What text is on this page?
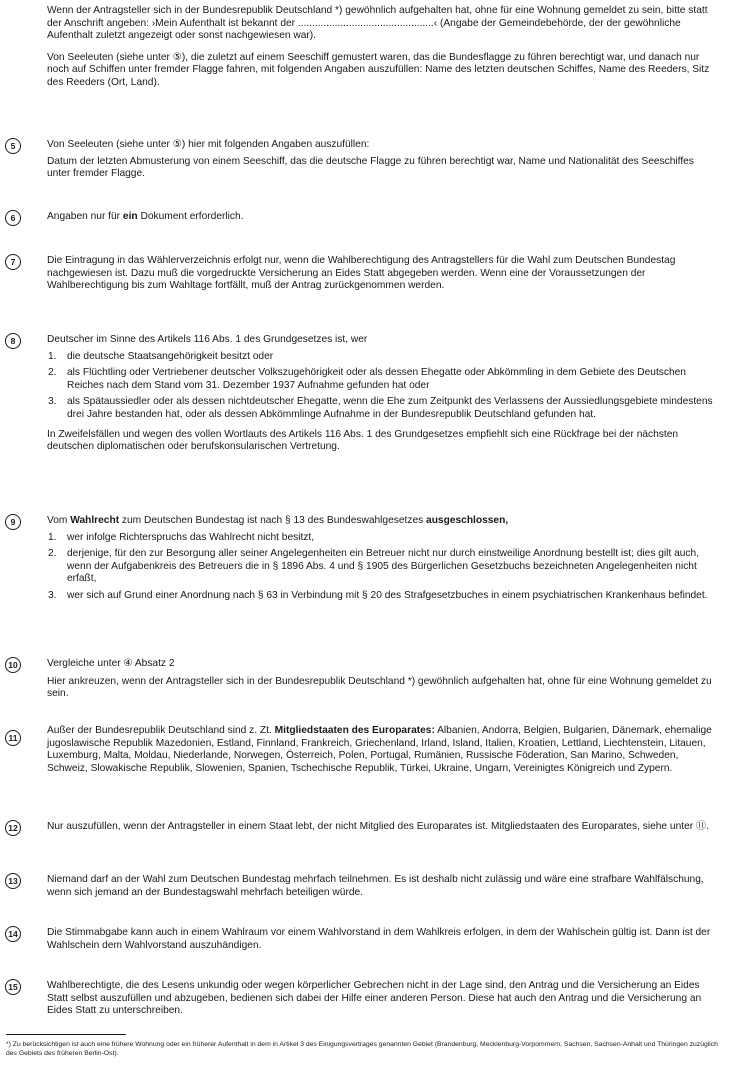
Wenn der Antragsteller sich in der Bundesrepublik Deutschland *) gewöhnlich aufgehalten hat, ohne für eine Wohnung gemeldet zu sein, bitte statt der Anschrift angeben: ›Mein Aufenthalt ist bekannt der ................................................‹ (Angabe der Gemeindebehörde, der der gewöhnliche Aufenthalt zuletzt angezeigt oder sonst nachgewiesen war).

Von Seeleuten (siehe unter ⑤), die zuletzt auf einem Seeschiff gemustert waren, das die Bundesflagge zu führen berechtigt war, und danach nur noch auf Schiffen unter fremder Flagge fahren, mit folgenden Angaben auszufüllen: Name des letzten deutschen Schiffes, Name des Reeders, Sitz des Reeders (Ort, Land).

5	Von Seeleuten (siehe unter ⑤) hier mit folgenden Angaben auszufüllen:

Datum der letzten Abmusterung von einem Seeschiff, das die deutsche Flagge zu führen berechtigt war, Name und Nationalität des Seeschiffes unter fremder Flagge.

6	Angaben nur für ein Dokument erforderlich.

7	Die Eintragung in das Wählerverzeichnis erfolgt nur, wenn die Wahlberechtigung des Antragstellers für die Wahl zum Deutschen Bundestag nachgewiesen ist. Dazu muß die vorgedruckte Versicherung an Eides Statt abgegeben werden. Wenn eine der Voraussetzungen der Wahlberechtigung bis zum Wahltage fortfällt, muß der Antrag zurückgenommen werden.

8	Deutscher im Sinne des Artikels 116 Abs. 1 des Grundgesetzes ist, wer

1. die deutsche Staatsangehörigkeit besitzt oder
2. als Flüchtling oder Vertriebener deutscher Volkszugehörigkeit oder als dessen Ehegatte oder Abkömmling in dem Gebiete des Deutschen Reiches nach dem Stand vom 31. Dezember 1937 Aufnahme gefunden hat oder
3. als Spätaussiedler oder als dessen nichtdeutscher Ehegatte, wenn die Ehe zum Zeitpunkt des Verlassens der Aussiedlungsgebiete mindestens drei Jahre bestanden hat, oder als dessen Abkömmlinge Aufnahme in der Bundesrepublik Deutschland gefunden hat.

In Zweifelsfällen und wegen des vollen Wortlauts des Artikels 116 Abs. 1 des Grundgesetzes empfiehlt sich eine Rückfrage bei der nächsten deutschen diplomatischen oder berufskonsularischen Vertretung.

9	Vom Wahlrecht zum Deutschen Bundestag ist nach § 13 des Bundeswahlgesetzes ausgeschlossen,

1. wer infolge Richterspruchs das Wahlrecht nicht besitzt,
2. derjenige, für den zur Besorgung aller seiner Angelegenheiten ein Betreuer nicht nur durch einstweilige Anordnung bestellt ist; dies gilt auch, wenn der Aufgabenkreis des Betreuers die in § 1896 Abs. 4 und § 1905 des Bürgerlichen Gesetzbuchs bezeichneten Angelegenheiten nicht erfaßt,
3. wer sich auf Grund einer Anordnung nach § 63 in Verbindung mit § 20 des Strafgesetzbuches in einem psychiatrischen Krankenhaus befindet.
10	Vergleiche unter ④ Absatz 2

Hier ankreuzen, wenn der Antragsteller sich in der Bundesrepublik Deutschland *) gewöhnlich aufgehalten hat, ohne für eine Wohnung gemeldet zu sein.

11

Außer der Bundesrepublik Deutschland sind z. Zt. Mitgliedstaaten des Europarates: Albanien, Andorra, Belgien, Bulgarien, Dänemark, ehemalige jugoslawische Republik Mazedonien, Estland, Finnland, Frankreich, Griechenland, Irland, Island, Italien, Kroatien, Lettland, Liechtenstein, Litauen, Luxemburg, Malta, Moldau, Niederlande, Norwegen, Österreich, Polen, Portugal, Rumänien, Russische Föderation, San Marino, Schweden, Schweiz, Slowakische Republik, Slowenien, Spanien, Tschechische Republik, Türkei, Ukraine, Ungarn, Vereinigtes Königreich und Zypern.

12	Nur auszufüllen, wenn der Antragsteller in einem Staat lebt, der nicht Mitglied des Europarates ist. Mitgliedstaaten des Europarates, siehe unter ⑪.

13	Niemand darf an der Wahl zum Deutschen Bundestag mehrfach teilnehmen. Es ist deshalb nicht zulässig und wäre eine strafbare Wahlfälschung, wenn sich jemand an der Bundestagswahl mehrfach beteiligen würde.

14	Die Stimmabgabe kann auch in einem Wahlraum vor einem Wahlvorstand in dem Wahlkreis erfolgen, in dem der Wahlschein gültig ist. Dann ist der Wahlschein dem Wahlvorstand auszuhändigen.

15	Wahlberechtigte, die des Lesens unkundig oder wegen körperlicher Gebrechen nicht in der Lage sind, den Antrag und die Versicherung an Eides Statt selbst auszufüllen und abzugeben, bedienen sich dabei der Hilfe einer anderen Person. Diese hat auch den Antrag und die Versicherung an Eides Statt zu unterschreiben.

*) Zu berücksichtigen ist auch eine frühere Wohnung oder ein früherer Aufenthalt in dem in Artikel 3 des Einigungsvertrages genannten Gebiet (Brandenburg, Mecklenburg-Vorpommern, Sachsen, Sachsen-Anhalt und Thüringen zuzüglich des Gebiets des früheren Berlin-Ost).
